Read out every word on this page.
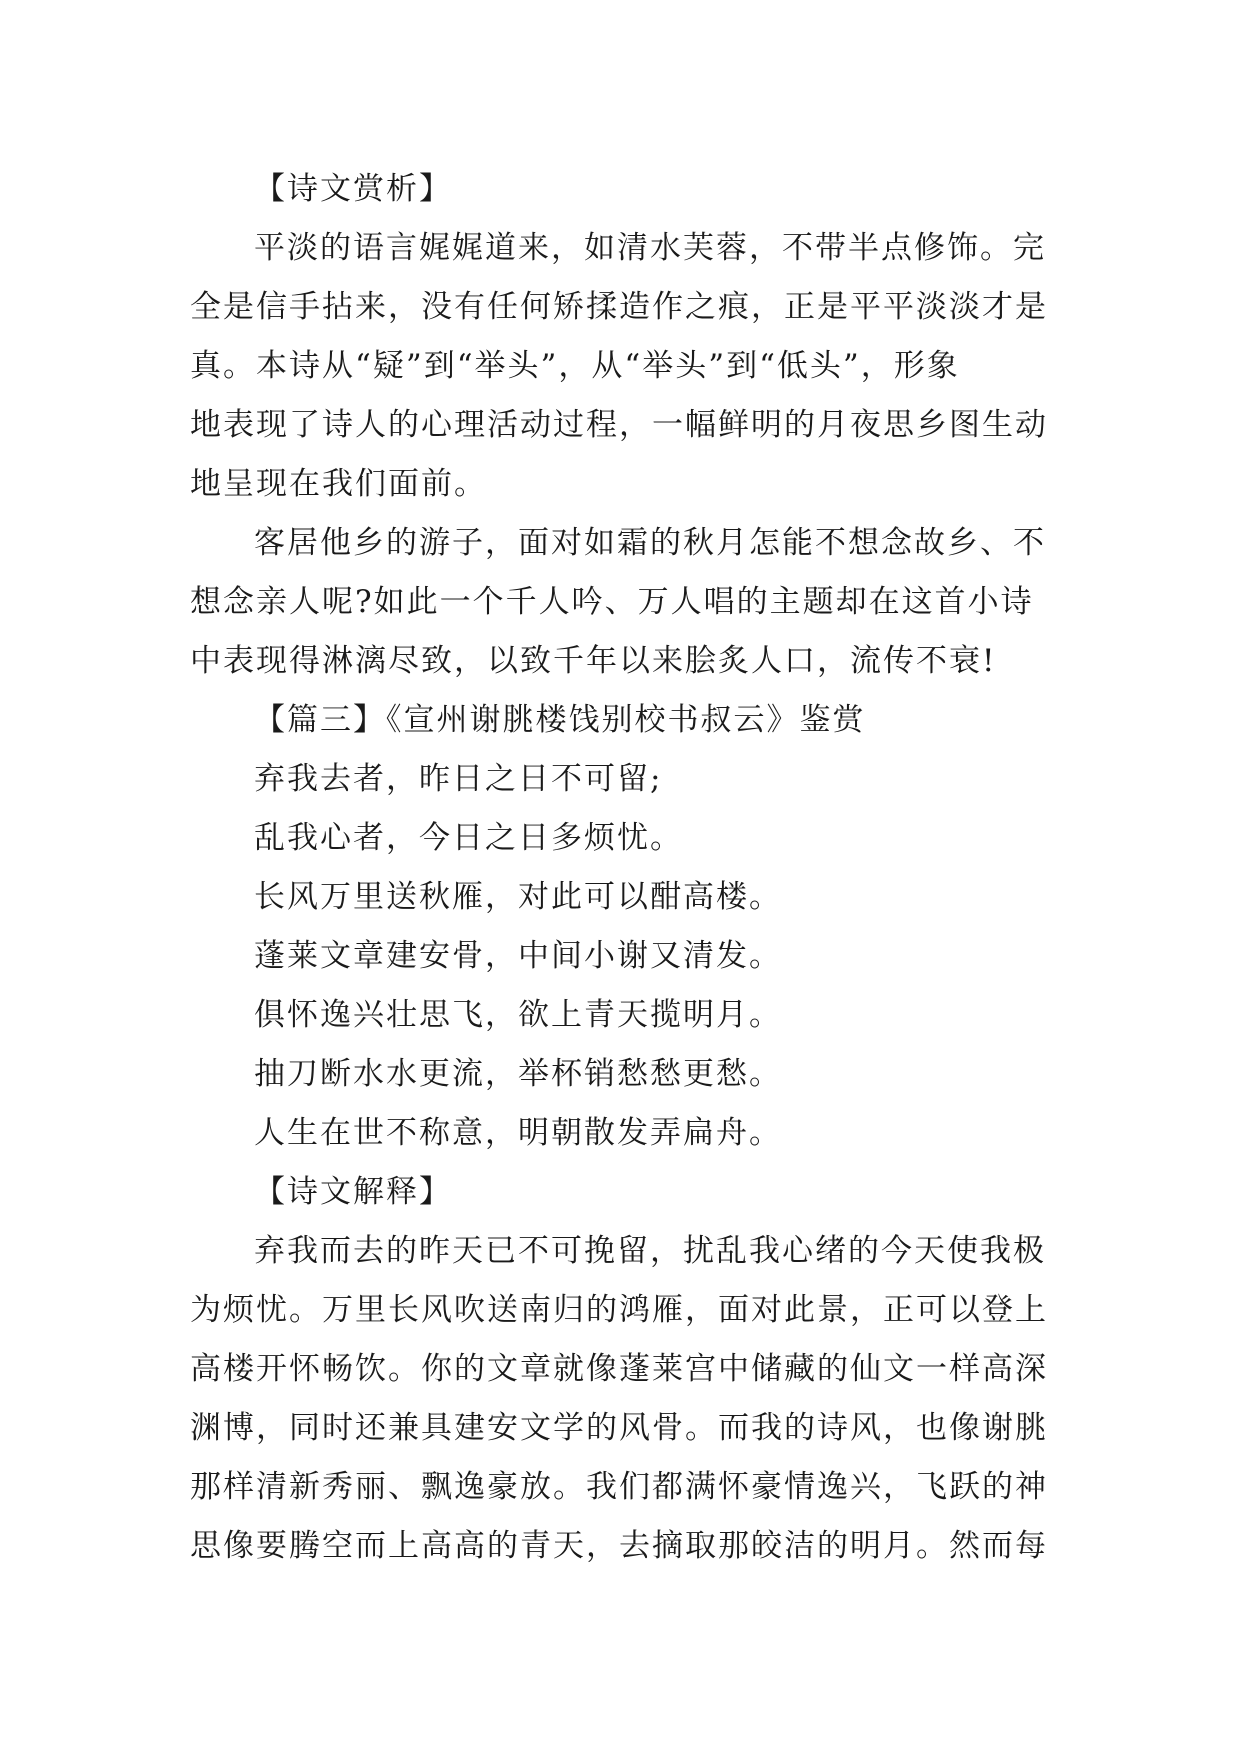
【诗文赏析】

平淡的语言娓娓道来，如清水芙蓉，不带半点修饰。完

全是信手拈来，没有任何矫揉造作之痕，正是平平淡淡才是

真。本诗从“疑”到“举头”，从“举头”到“低头”，形象

地表现了诗人的心理活动过程，一幅鲜明的月夜思乡图生动

地呈现在我们面前。

客居他乡的游子，面对如霜的秋月怎能不想念故乡、不

想念亲人呢?如此一个千人吟、万人唱的主题却在这首小诗

中表现得淋漓尽致，以致千年以来脍炙人口，流传不衰!

【篇三】《宣州谢朓楼饯别校书叔云》鉴赏

弃我去者，昨日之日不可留;

乱我心者，今日之日多烦忧。

长风万里送秋雁，对此可以酣高楼。

蓬莱文章建安骨，中间小谢又清发。

俱怀逸兴壮思飞，欲上青天揽明月。

抽刀断水水更流，举杯销愁愁更愁。

人生在世不称意，明朝散发弄扁舟。

【诗文解释】

弃我而去的昨天已不可挽留，扰乱我心绪的今天使我极

为烦忧。万里长风吹送南归的鸿雁，面对此景，正可以登上

高楼开怀畅饮。你的文章就像蓬莱宫中储藏的仙文一样高深

渊博，同时还兼具建安文学的风骨。而我的诗风，也像谢朓

那样清新秀丽、飘逸豪放。我们都满怀豪情逸兴，飞跃的神

思像要腾空而上高高的青天，去摘取那皎洁的明月。然而每
